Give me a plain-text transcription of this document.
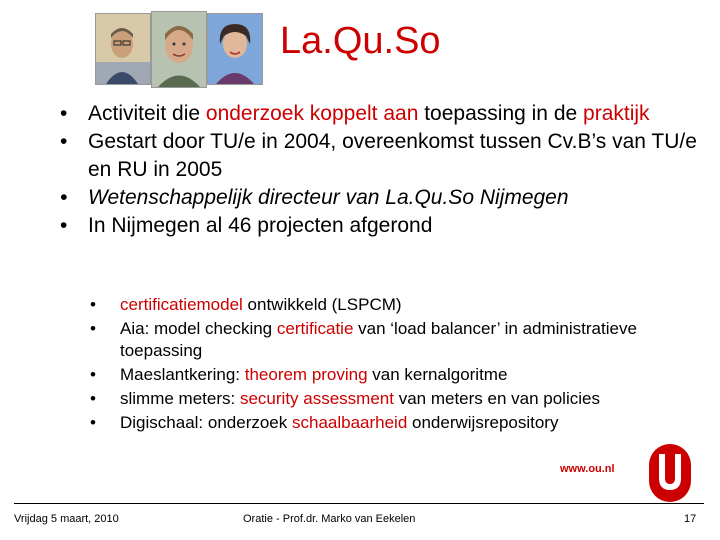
La.Qu.So
• Activiteit die onderzoek koppelt aan toepassing in de praktijk
• Gestart door TU/e in 2004, overeenkomst tussen Cv.B’s van TU/e en RU in 2005
• Wetenschappelijk directeur van La.Qu.So Nijmegen
• In Nijmegen al 46 projecten afgerond
• certificatiemodel ontwikkeld (LSPCM)
• Aia: model checking certificatie van ‘load balancer’ in administratieve toepassing
• Maeslantkering: theorem proving van kernalgoritme
• slimme meters: security assessment van meters en van policies
• Digischaal: onderzoek schaalbaarheid onderwijsrepository
www.ou.nl
Vrijdag 5 maart, 2010	Oratie - Prof.dr. Marko van Eekelen	17
